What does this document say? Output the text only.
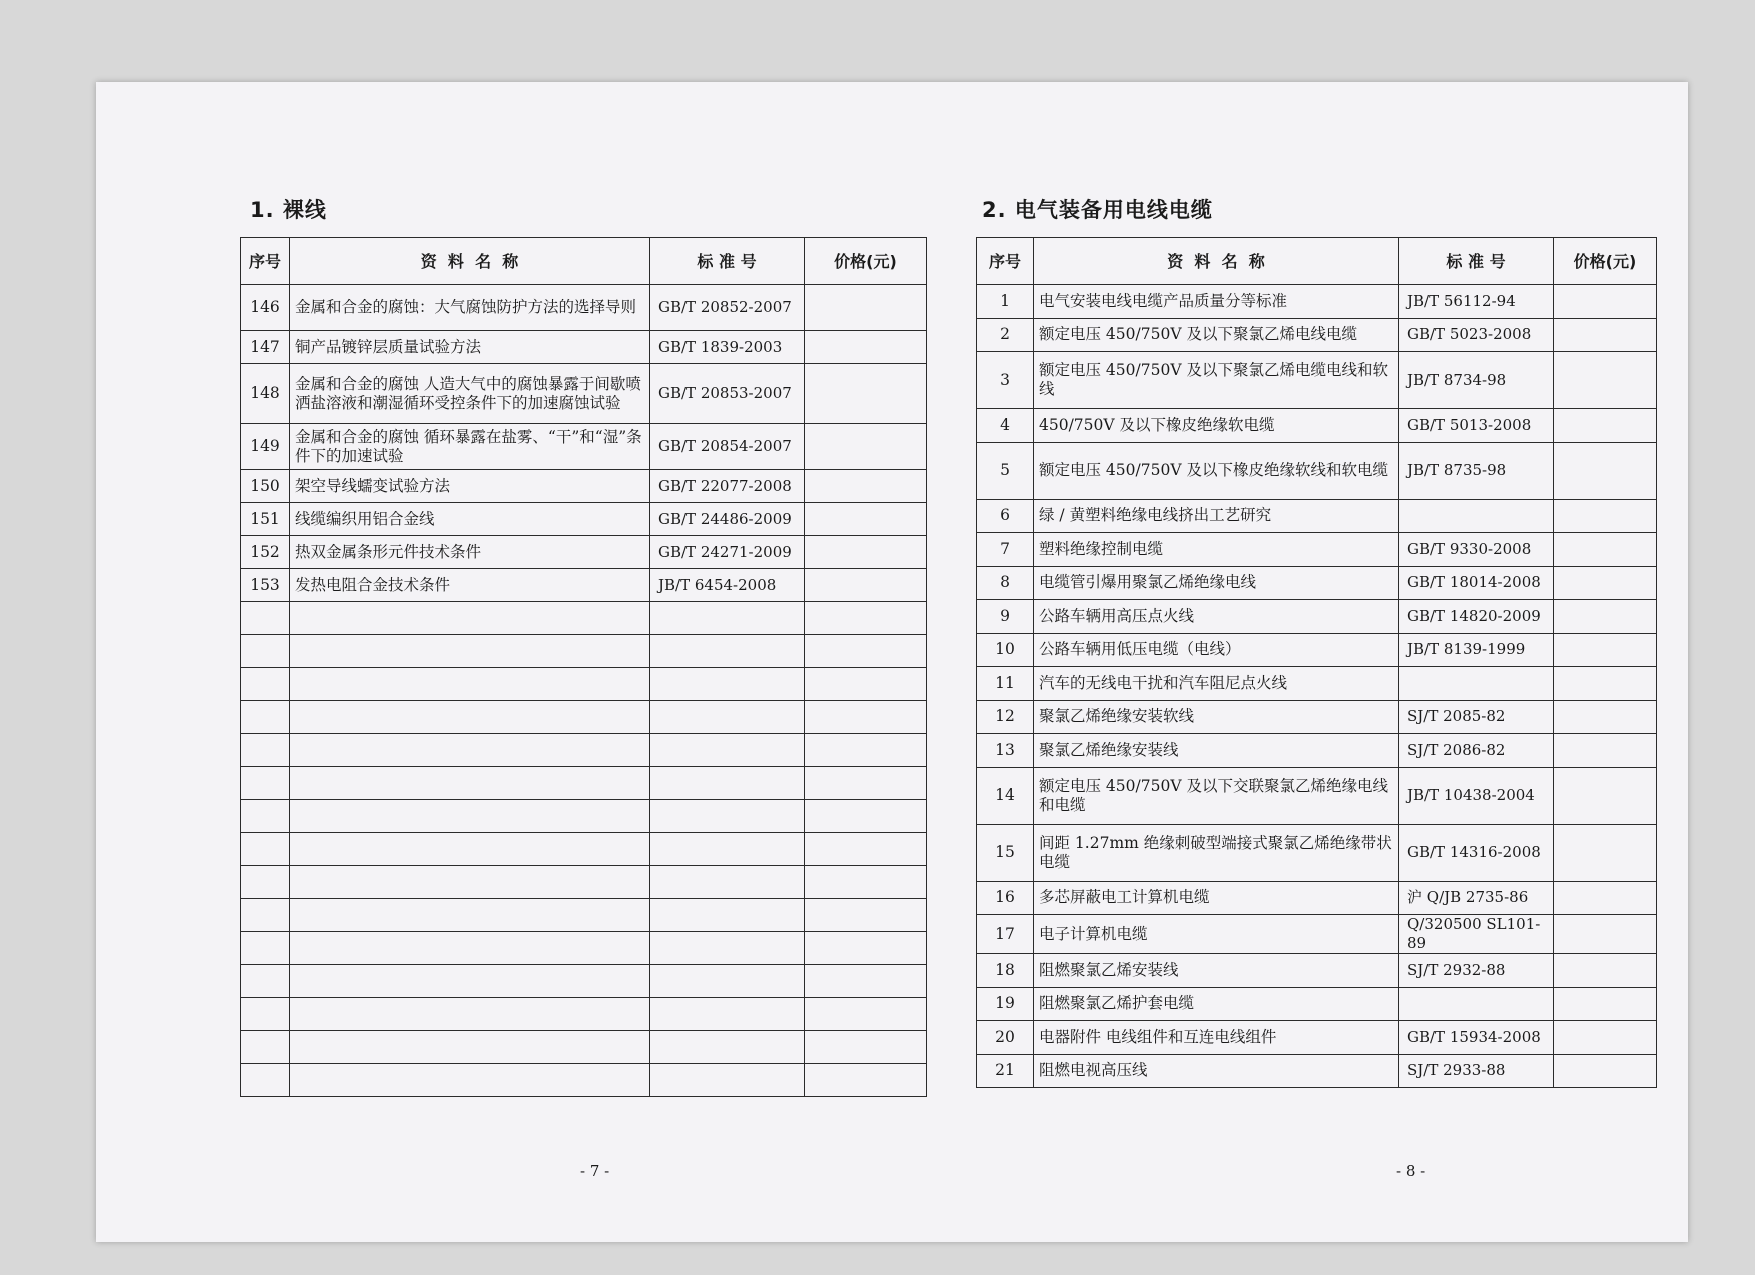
1. 裸线
序号	资  料  名  称	标 准 号	价格(元)
146	金属和合金的腐蚀：大气腐蚀防护方法的选择导则	GB/T 20852-2007	
147	铜产品镀锌层质量试验方法	GB/T 1839-2003	
148	金属和合金的腐蚀 人造大气中的腐蚀暴露于间歇喷洒盐溶液和潮湿循环受控条件下的加速腐蚀试验	GB/T 20853-2007	
149	金属和合金的腐蚀 循环暴露在盐雾、“干”和“湿”条件下的加速试验	GB/T 20854-2007	
150	架空导线蠕变试验方法	GB/T 22077-2008	
151	线缆编织用铝合金线	GB/T 24486-2009	
152	热双金属条形元件技术条件	GB/T 24271-2009	
153	发热电阻合金技术条件	JB/T 6454-2008	

- 7 -
2. 电气装备用电线电缆
序号	资  料  名  称	标 准 号	价格(元)
1	电气安装电线电缆产品质量分等标准	JB/T 56112-94	
2	额定电压 450/750V 及以下聚氯乙烯电线电缆	GB/T 5023-2008	
3	额定电压 450/750V 及以下聚氯乙烯电缆电线和软线	JB/T 8734-98	
4	450/750V 及以下橡皮绝缘软电缆	GB/T 5013-2008	
5	额定电压 450/750V 及以下橡皮绝缘软线和软电缆	JB/T 8735-98	
6	绿 / 黄塑料绝缘电线挤出工艺研究		
7	塑料绝缘控制电缆	GB/T 9330-2008	
8	电缆管引爆用聚氯乙烯绝缘电线	GB/T 18014-2008	
9	公路车辆用高压点火线	GB/T 14820-2009	
10	公路车辆用低压电缆（电线）	JB/T 8139-1999	
11	汽车的无线电干扰和汽车阻尼点火线		
12	聚氯乙烯绝缘安装软线	SJ/T 2085-82	
13	聚氯乙烯绝缘安装线	SJ/T 2086-82	
14	额定电压 450/750V 及以下交联聚氯乙烯绝缘电线和电缆	JB/T 10438-2004	
15	间距 1.27mm 绝缘刺破型端接式聚氯乙烯绝缘带状电缆	GB/T 14316-2008	
16	多芯屏蔽电工计算机电缆	沪 Q/JB 2735-86	
17	电子计算机电缆	Q/320500 SL101-89	
18	阻燃聚氯乙烯安装线	SJ/T 2932-88	
19	阻燃聚氯乙烯护套电缆		
20	电器附件 电线组件和互连电线组件	GB/T 15934-2008	
21	阻燃电视高压线	SJ/T 2933-88	
- 8 -
